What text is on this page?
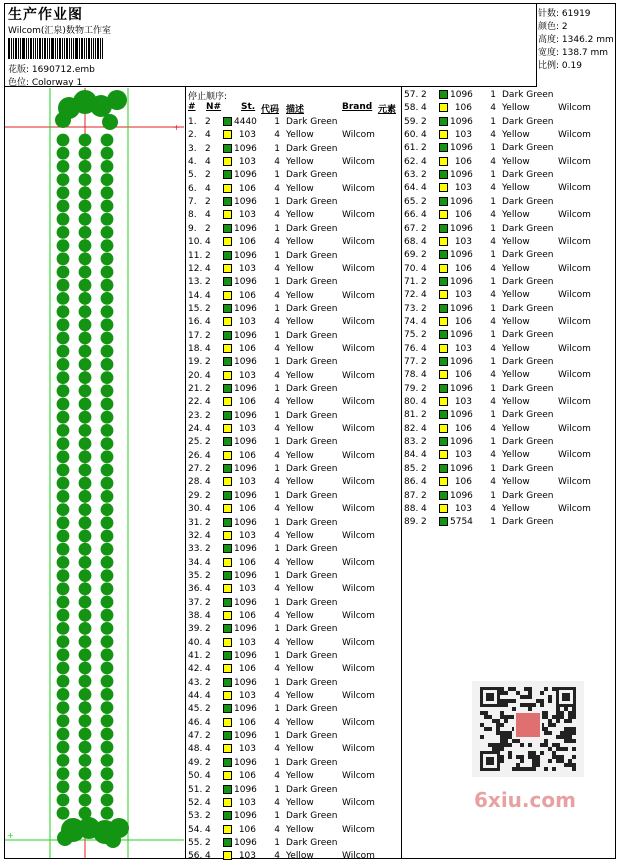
生产作业图
Wilcom(汇泉)数物工作室
花版: 1690712.emb
色位: Colorway 1
针数: 61919
颜色: 2
高度: 1346.2 mm
宽度: 138.7 mm
比例: 0.19
+
+
停止顺序:
# N# St. 代码 描述	Brand 元素
1. 2	4440 1 Dark Green
2. 4	103 4 Yellow	Wilcom
3. 2	1096 1 Dark Green
4. 4	103 4 Yellow	Wilcom
5. 2	1096 1 Dark Green
6. 4	106 4 Yellow	Wilcom
7. 2	1096 1 Dark Green
8. 4	103 4 Yellow	Wilcom
9. 2	1096 1 Dark Green
10. 4	106 4 Yellow	Wilcom
11. 2	1096 1 Dark Green
12. 4	103 4 Yellow	Wilcom
13. 2	1096 1 Dark Green
14. 4	106 4 Yellow	Wilcom
15. 2	1096 1 Dark Green
16. 4	103 4 Yellow	Wilcom
17. 2	1096 1 Dark Green
18. 4	106 4 Yellow	Wilcom
19. 2	1096 1 Dark Green
20. 4	103 4 Yellow	Wilcom
21. 2	1096 1 Dark Green
22. 4	106 4 Yellow	Wilcom
23. 2	1096 1 Dark Green
24. 4	103 4 Yellow	Wilcom
25. 2	1096 1 Dark Green
26. 4	106 4 Yellow	Wilcom
27. 2	1096 1 Dark Green
28. 4	103 4 Yellow	Wilcom
29. 2	1096 1 Dark Green
30. 4	106 4 Yellow	Wilcom
31. 2	1096 1 Dark Green
32. 4	103 4 Yellow	Wilcom
33. 2	1096 1 Dark Green
34. 4	106 4 Yellow	Wilcom
35. 2	1096 1 Dark Green
36. 4	103 4 Yellow	Wilcom
37. 2	1096 1 Dark Green
38. 4	106 4 Yellow	Wilcom
39. 2	1096 1 Dark Green
40. 4	103 4 Yellow	Wilcom
41. 2	1096 1 Dark Green
42. 4	106 4 Yellow	Wilcom
43. 2	1096 1 Dark Green
44. 4	103 4 Yellow	Wilcom
45. 2	1096 1 Dark Green
46. 4	106 4 Yellow	Wilcom
47. 2	1096 1 Dark Green
48. 4	103 4 Yellow	Wilcom
49. 2	1096 1 Dark Green
50. 4	106 4 Yellow	Wilcom
51. 2	1096 1 Dark Green
52. 4	103 4 Yellow	Wilcom
53. 2	1096 1 Dark Green
54. 4	106 4 Yellow	Wilcom
55. 2	1096 1 Dark Green
56. 4	103 4 Yellow	Wilcom
57. 2	1096 1 Dark Green
58. 4	106 4 Yellow	Wilcom
59. 2	1096 1 Dark Green
60. 4	103 4 Yellow	Wilcom
61. 2	1096 1 Dark Green
62. 4	106 4 Yellow	Wilcom
63. 2	1096 1 Dark Green
64. 4	103 4 Yellow	Wilcom
65. 2	1096 1 Dark Green
66. 4	106 4 Yellow	Wilcom
67. 2	1096 1 Dark Green
68. 4	103 4 Yellow	Wilcom
69. 2	1096 1 Dark Green
70. 4	106 4 Yellow	Wilcom
71. 2	1096 1 Dark Green
72. 4	103 4 Yellow	Wilcom
73. 2	1096 1 Dark Green
74. 4	106 4 Yellow	Wilcom
75. 2	1096 1 Dark Green
76. 4	103 4 Yellow	Wilcom
77. 2	1096 1 Dark Green
78. 4	106 4 Yellow	Wilcom
79. 2	1096 1 Dark Green
80. 4	103 4 Yellow	Wilcom
81. 2	1096 1 Dark Green
82. 4	106 4 Yellow	Wilcom
83. 2	1096 1 Dark Green
84. 4	103 4 Yellow	Wilcom
85. 2	1096 1 Dark Green
86. 4	106 4 Yellow	Wilcom
87. 2	1096 1 Dark Green
88. 4	103 4 Yellow	Wilcom
89. 2	5754 1 Dark Green
6xiu.com
